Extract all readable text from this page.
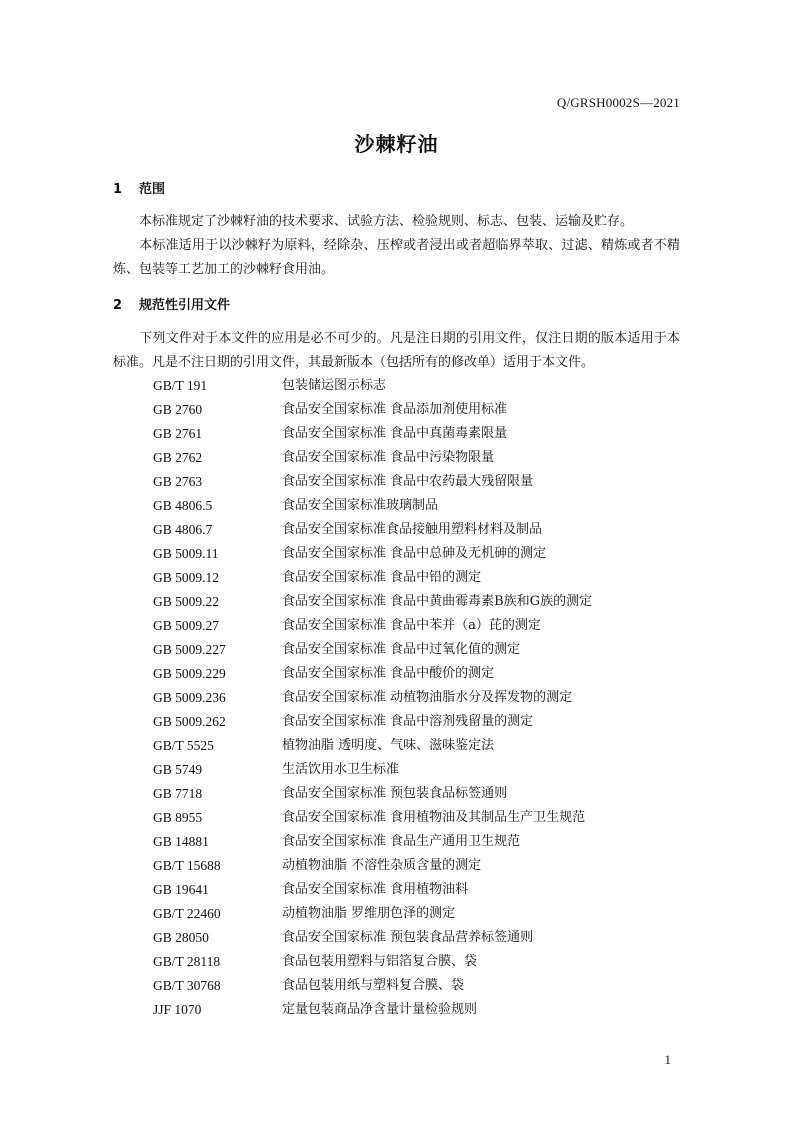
Q/GRSH0002S—2021
沙棘籽油
1 范围
本标准规定了沙棘籽油的技术要求、试验方法、检验规则、标志、包装、运输及贮存。
本标准适用于以沙棘籽为原料，经除杂、压榨或者浸出或者超临界萃取、过滤、精炼或者不精炼、包装等工艺加工的沙棘籽食用油。
2 规范性引用文件
下列文件对于本文件的应用是必不可少的。凡是注日期的引用文件，仅注日期的版本适用于本标准。凡是不注日期的引用文件，其最新版本（包括所有的修改单）适用于本文件。
GB/T 191	包装储运图示标志
GB 2760	食品安全国家标准 食品添加剂使用标准
GB 2761	食品安全国家标准 食品中真菌毒素限量
GB 2762	食品安全国家标准 食品中污染物限量
GB 2763	食品安全国家标准 食品中农药最大残留限量
GB 4806.5	食品安全国家标准玻璃制品
GB 4806.7	食品安全国家标准食品接触用塑料材料及制品
GB 5009.11	食品安全国家标准 食品中总砷及无机砷的测定
GB 5009.12	食品安全国家标准 食品中铅的测定
GB 5009.22	食品安全国家标准 食品中黄曲霉毒素B族和G族的测定
GB 5009.27	食品安全国家标准 食品中苯并（a）芘的测定
GB 5009.227	食品安全国家标准 食品中过氧化值的测定
GB 5009.229	食品安全国家标准 食品中酸价的测定
GB 5009.236	食品安全国家标准 动植物油脂水分及挥发物的测定
GB 5009.262	食品安全国家标准 食品中溶剂残留量的测定
GB/T 5525	植物油脂 透明度、气味、滋味鉴定法
GB 5749	生活饮用水卫生标准
GB 7718	食品安全国家标准 预包装食品标签通则
GB 8955	食品安全国家标准 食用植物油及其制品生产卫生规范
GB 14881	食品安全国家标准 食品生产通用卫生规范
GB/T 15688	动植物油脂 不溶性杂质含量的测定
GB 19641	食品安全国家标准 食用植物油料
GB/T 22460	动植物油脂 罗维朋色泽的测定
GB 28050	食品安全国家标准 预包装食品营养标签通则
GB/T 28118	食品包装用塑料与铝箔复合膜、袋
GB/T 30768	食品包装用纸与塑料复合膜、袋
JJF 1070	定量包装商品净含量计量检验规则
1
